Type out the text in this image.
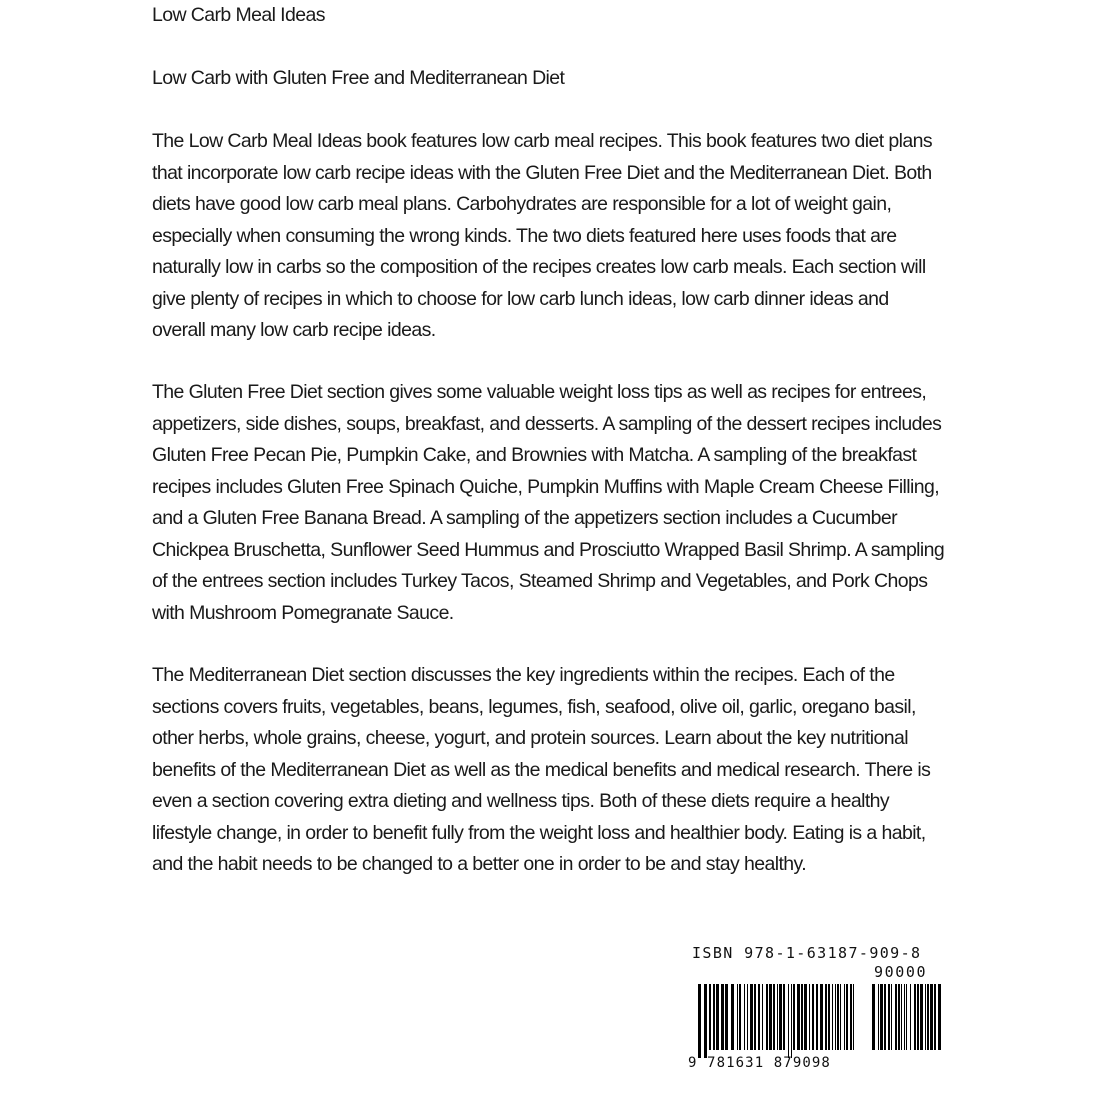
Low Carb Meal Ideas
Low Carb with Gluten Free and Mediterranean Diet
The Low Carb Meal Ideas book features low carb meal recipes. This book features two diet plans
that incorporate low carb recipe ideas with the Gluten Free Diet and the Mediterranean Diet. Both
diets have good low carb meal plans. Carbohydrates are responsible for a lot of weight gain,
especially when consuming the wrong kinds. The two diets featured here uses foods that are
naturally low in carbs so the composition of the recipes creates low carb meals. Each section will
give plenty of recipes in which to choose for low carb lunch ideas, low carb dinner ideas and
overall many low carb recipe ideas.
The Gluten Free Diet section gives some valuable weight loss tips as well as recipes for entrees,
appetizers, side dishes, soups, breakfast, and desserts. A sampling of the dessert recipes includes
Gluten Free Pecan Pie, Pumpkin Cake, and Brownies with Matcha. A sampling of the breakfast
recipes includes Gluten Free Spinach Quiche, Pumpkin Muffins with Maple Cream Cheese Filling,
and a Gluten Free Banana Bread. A sampling of the appetizers section includes a Cucumber
Chickpea Bruschetta, Sunflower Seed Hummus and Prosciutto Wrapped Basil Shrimp. A sampling
of the entrees section includes Turkey Tacos, Steamed Shrimp and Vegetables, and Pork Chops
with Mushroom Pomegranate Sauce.
The Mediterranean Diet section discusses the key ingredients within the recipes. Each of the
sections covers fruits, vegetables, beans, legumes, fish, seafood, olive oil, garlic, oregano basil,
other herbs, whole grains, cheese, yogurt, and protein sources. Learn about the key nutritional
benefits of the Mediterranean Diet as well as the medical benefits and medical research. There is
even a section covering extra dieting and wellness tips. Both of these diets require a healthy
lifestyle change, in order to benefit fully from the weight loss and healthier body. Eating is a habit,
and the habit needs to be changed to a better one in order to be and stay healthy.
ISBN 978-1-63187-909-8
90000
9 781631 879098
